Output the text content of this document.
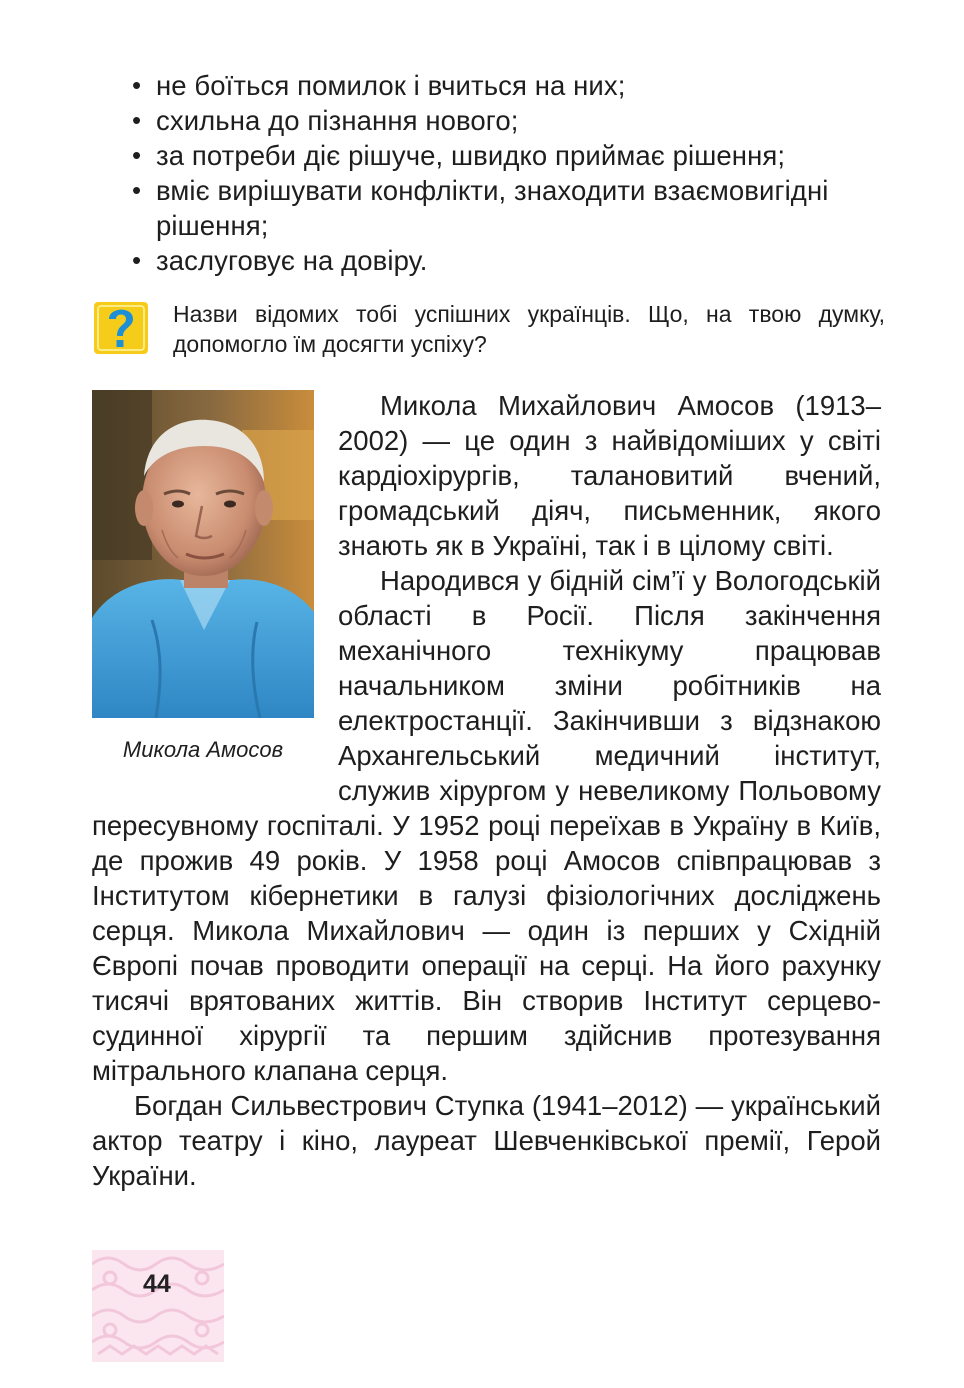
• не боїться помилок і вчиться на них;
• схильна до пізнання нового;
• за потреби діє рішуче, швидко приймає рішення;
• вміє вирішувати конфлікти, знаходити взаємовигідні рішення;
• заслуговує на довіру.

Назви відомих тобі успішних українців. Що, на твою думку, допомогло їм досягти успіху?

Микола Амосов

Микола Михайлович Амосов (1913–2002) — це один з найвідоміших у світі кардіохірургів, талановитий вчений, громадський діяч, письменник, якого знають як в Україні, так і в цілому світі.

Народився у бідній сім’ї у Вологодській області в Росії. Після закінчення механічного технікуму працював начальником зміни робітників на електростанції. Закінчивши з відзнакою Архангельський медичний інститут, служив хірургом у невеликому Польовому пересувному госпіталі. У 1952 році переїхав в Україну в Київ, де прожив 49 років. У 1958 році Амосов співпрацював з Інститутом кібернетики в галузі фізіологічних досліджень серця. Микола Михайлович — один із перших у Східній Європі почав проводити операції на серці. На його рахунку тисячі врятованих життів. Він створив Інститут серцево-судинної хірургії та першим здійснив протезування мітрального клапана серця.

Богдан Сильвестрович Ступка (1941–2012) — український актор театру і кіно, лауреат Шевченківської премії, Герой України.

44
